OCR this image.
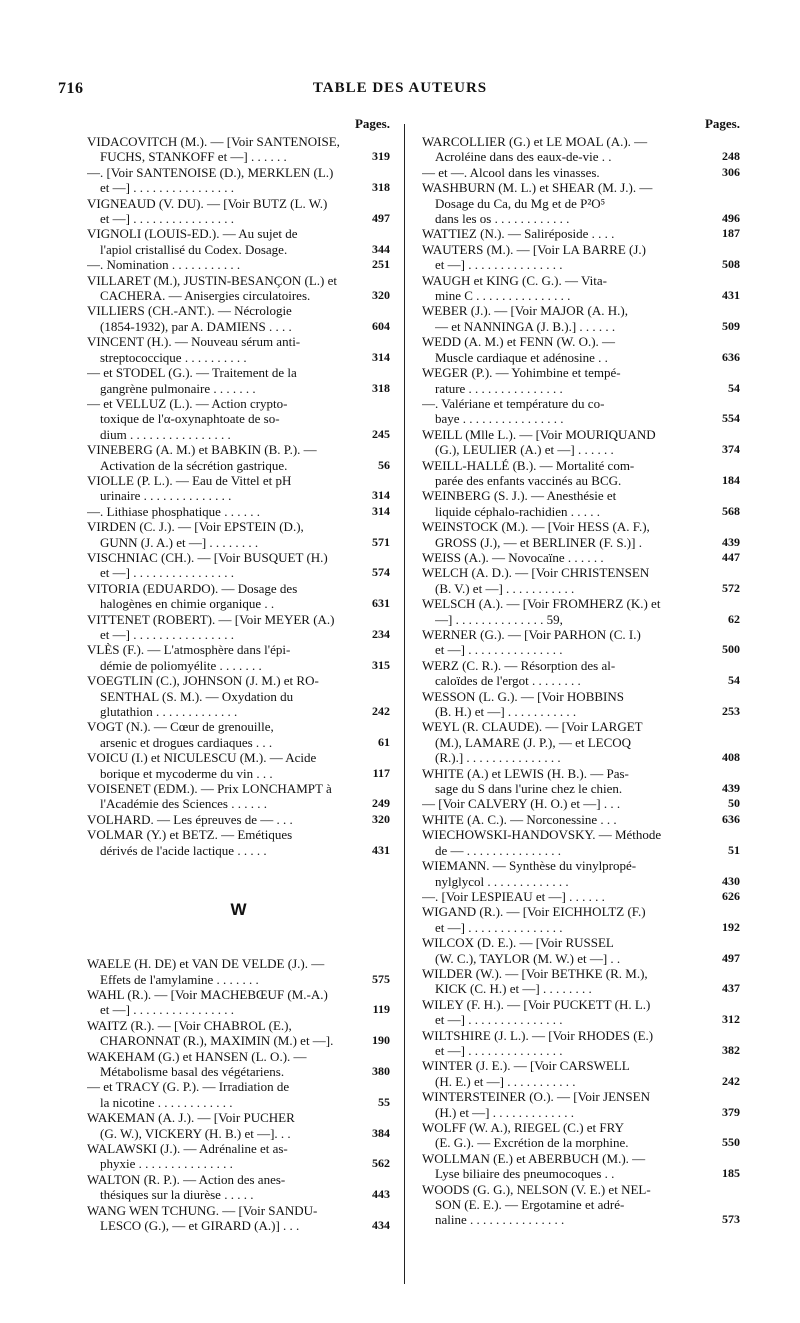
716	TABLE DES AUTEURS
Pages.
VIDACOVITCH (M.). — [Voir SANTENOISE,
FUCHS, STANKOFF et —] . . . . . .	319
—. [Voir SANTENOISE (D.), MERKLEN (L.)
et —] . . . . . . . . . . . . . . . .	318
VIGNEAUD (V. DU). — [Voir BUTZ (L. W.)
et —] . . . . . . . . . . . . . . . .	497
VIGNOLI (LOUIS-ED.). — Au sujet de
l'apiol cristallisé du Codex. Dosage.	344
—. Nomination . . . . . . . . . . .	251
VILLARET (M.), JUSTIN-BESANÇON (L.) et
CACHERA. — Anisergies circulatoires.	320
VILLIERS (CH.-ANT.). — Nécrologie
(1854-1932), par A. DAMIENS . . . .	604
VINCENT (H.). — Nouveau sérum anti-
streptococcique . . . . . . . . . .	314
— et STODEL (G.). — Traitement de la
gangrène pulmonaire . . . . . . .	318
— et VELLUZ (L.). — Action crypto-
toxique de l'α-oxynaphtoate de so-
dium . . . . . . . . . . . . . . . .	245
VINEBERG (A. M.) et BABKIN (B. P.). —
Activation de la sécrétion gastrique.	56
VIOLLE (P. L.). — Eau de Vittel et pH
urinaire . . . . . . . . . . . . . .	314
—. Lithiase phosphatique . . . . . .	314
VIRDEN (C. J.). — [Voir EPSTEIN (D.),
GUNN (J. A.) et —] . . . . . . . .	571
VISCHNIAC (CH.). — [Voir BUSQUET (H.)
et —] . . . . . . . . . . . . . . . .	574
VITORIA (EDUARDO). — Dosage des
halogènes en chimie organique . .	631
VITTENET (ROBERT). — [Voir MEYER (A.)
et —] . . . . . . . . . . . . . . . .	234
VLÈS (F.). — L'atmosphère dans l'épi-
démie de poliomyélite . . . . . . .	315
VOEGTLIN (C.), JOHNSON (J. M.) et RO-
SENTHAL (S. M.). — Oxydation du
glutathion . . . . . . . . . . . . .	242
VOGT (N.). — Cœur de grenouille,
arsenic et drogues cardiaques . . .	61
VOICU (I.) et NICULESCU (M.). — Acide
borique et mycoderme du vin . . .	117
VOISENET (EDM.). — Prix LONCHAMPT à
l'Académie des Sciences . . . . . .	249
VOLHARD. — Les épreuves de — . . .	320
VOLMAR (Y.) et BETZ. — Emétiques
dérivés de l'acide lactique . . . . .	431
W
WAELE (H. DE) et VAN DE VELDE (J.). —
Effets de l'amylamine . . . . . . .	575
WAHL (R.). — [Voir MACHEBŒUF (M.-A.)
et —] . . . . . . . . . . . . . . . .	119
WAITZ (R.). — [Voir CHABROL (E.),
CHARONNAT (R.), MAXIMIN (M.) et —].	190
WAKEHAM (G.) et HANSEN (L. O.). —
Métabolisme basal des végétariens.	380
— et TRACY (G. P.). — Irradiation de
la nicotine . . . . . . . . . . . .	55
WAKEMAN (A. J.). — [Voir PUCHER
(G. W.), VICKERY (H. B.) et —]. . .	384
WALAWSKI (J.). — Adrénaline et as-
phyxie . . . . . . . . . . . . . . .	562
WALTON (R. P.). — Action des anes-
thésiques sur la diurèse . . . . .	443
WANG WEN TCHUNG. — [Voir SANDU-
LESCO (G.), — et GIRARD (A.)] . . .	434
Pages.
WARCOLLIER (G.) et LE MOAL (A.). —
Acroléine dans des eaux-de-vie . .	248
— et —. Alcool dans les vinasses.	306
WASHBURN (M. L.) et SHEAR (M. J.). —
Dosage du Ca, du Mg et de P²O⁵
dans les os . . . . . . . . . . . .	496
WATTIEZ (N.). — Saliréposide . . . .	187
WAUTERS (M.). — [Voir LA BARRE (J.)
et —] . . . . . . . . . . . . . . .	508
WAUGH et KING (C. G.). — Vita-
mine C . . . . . . . . . . . . . . .	431
WEBER (J.). — [Voir MAJOR (A. H.),
— et NANNINGA (J. B.).] . . . . . .	509
WEDD (A. M.) et FENN (W. O.). —
Muscle cardiaque et adénosine . .	636
WEGER (P.). — Yohimbine et tempé-
rature . . . . . . . . . . . . . . .	54
—. Valériane et température du co-
baye . . . . . . . . . . . . . . . .	554
WEILL (Mlle L.). — [Voir MOURIQUAND
(G.), LEULIER (A.) et —] . . . . . .	374
WEILL-HALLÉ (B.). — Mortalité com-
parée des enfants vaccinés au BCG.	184
WEINBERG (S. J.). — Anesthésie et
liquide céphalo-rachidien . . . . .	568
WEINSTOCK (M.). — [Voir HESS (A. F.),
GROSS (J.), — et BERLINER (F. S.)] .	439
WEISS (A.). — Novocaïne . . . . . .	447
WELCH (A. D.). — [Voir CHRISTENSEN
(B. V.) et —] . . . . . . . . . . .	572
WELSCH (A.). — [Voir FROMHERZ (K.) et
—] . . . . . . . . . . . . . . 59,	62
WERNER (G.). — [Voir PARHON (C. I.)
et —] . . . . . . . . . . . . . . .	500
WERZ (C. R.). — Résorption des al-
caloïdes de l'ergot . . . . . . . .	54
WESSON (L. G.). — [Voir HOBBINS
(B. H.) et —] . . . . . . . . . . .	253
WEYL (R. CLAUDE). — [Voir LARGET
(M.), LAMARE (J. P.), — et LECOQ
(R.).] . . . . . . . . . . . . . . .	408
WHITE (A.) et LEWIS (H. B.). — Pas-
sage du S dans l'urine chez le chien.	439
— [Voir CALVERY (H. O.) et —] . . .	50
WHITE (A. C.). — Norconessine . . .	636
WIECHOWSKI-HANDOVSKY. — Méthode
de — . . . . . . . . . . . . . . .	51
WIEMANN. — Synthèse du vinylpropé-
nylglycol . . . . . . . . . . . . .	430
—. [Voir LESPIEAU et —] . . . . . .	626
WIGAND (R.). — [Voir EICHHOLTZ (F.)
et —] . . . . . . . . . . . . . . .	192
WILCOX (D. E.). — [Voir RUSSEL
(W. C.), TAYLOR (M. W.) et —] . .	497
WILDER (W.). — [Voir BETHKE (R. M.),
KICK (C. H.) et —] . . . . . . . .	437
WILEY (F. H.). — [Voir PUCKETT (H. L.)
et —] . . . . . . . . . . . . . . .	312
WILTSHIRE (J. L.). — [Voir RHODES (E.)
et —] . . . . . . . . . . . . . . .	382
WINTER (J. E.). — [Voir CARSWELL
(H. E.) et —] . . . . . . . . . . .	242
WINTERSTEINER (O.). — [Voir JENSEN
(H.) et —] . . . . . . . . . . . . .	379
WOLFF (W. A.), RIEGEL (C.) et FRY
(E. G.). — Excrétion de la morphine.	550
WOLLMAN (E.) et ABERBUCH (M.). —
Lyse biliaire des pneumocoques . .	185
WOODS (G. G.), NELSON (V. E.) et NEL-
SON (E. E.). — Ergotamine et adré-
naline . . . . . . . . . . . . . . .	573
